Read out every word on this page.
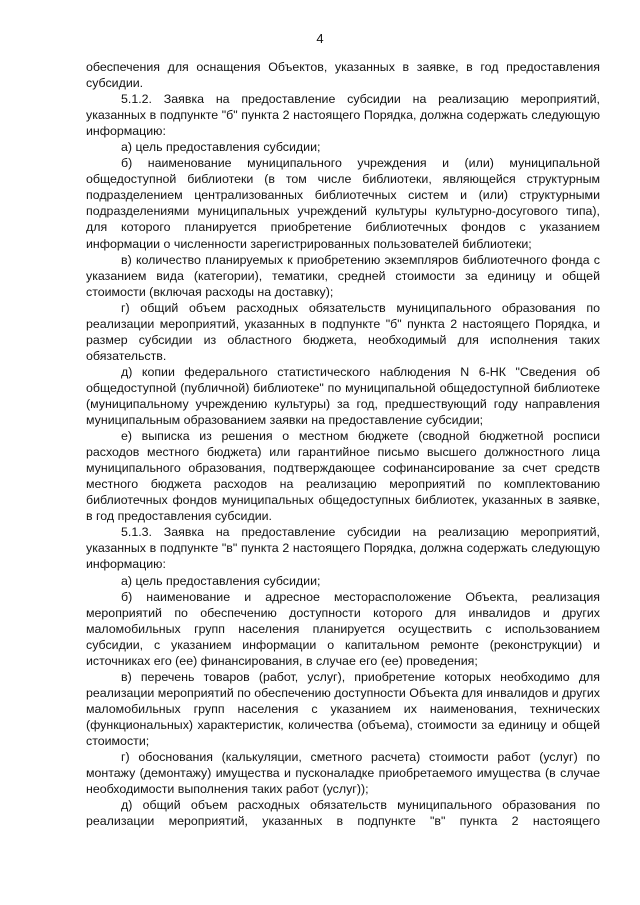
4

обеспечения для оснащения Объектов, указанных в заявке, в год предоставления субсидии.

5.1.2. Заявка на предоставление субсидии на реализацию мероприятий, указанных в подпункте "б" пункта 2 настоящего Порядка, должна содержать следующую информацию:

а) цель предоставления субсидии;

б) наименование муниципального учреждения и (или) муниципальной общедоступной библиотеки (в том числе библиотеки, являющейся структурным подразделением централизованных библиотечных систем и (или) структурными подразделениями муниципальных учреждений культуры культурно-досугового типа), для которого планируется приобретение библиотечных фондов с указанием информации о численности зарегистрированных пользователей библиотеки;

в) количество планируемых к приобретению экземпляров библиотечного фонда с указанием вида (категории), тематики, средней стоимости за единицу и общей стоимости (включая расходы на доставку);

г) общий объем расходных обязательств муниципального образования по реализации мероприятий, указанных в подпункте "б" пункта 2 настоящего Порядка, и размер субсидии из областного бюджета, необходимый для исполнения таких обязательств.

д) копии федерального статистического наблюдения N 6-НК "Сведения об общедоступной (публичной) библиотеке" по муниципальной общедоступной библиотеке (муниципальному учреждению культуры) за год, предшествующий году направления муниципальным образованием заявки на предоставление субсидии;

е) выписка из решения о местном бюджете (сводной бюджетной росписи расходов местного бюджета) или гарантийное письмо высшего должностного лица муниципального образования, подтверждающее софинансирование за счет средств местного бюджета расходов на реализацию мероприятий по комплектованию библиотечных фондов муниципальных общедоступных библиотек, указанных в заявке, в год предоставления субсидии.

5.1.3. Заявка на предоставление субсидии на реализацию мероприятий, указанных в подпункте "в" пункта 2 настоящего Порядка, должна содержать следующую информацию:

а) цель предоставления субсидии;

б) наименование и адресное месторасположение Объекта, реализация мероприятий по обеспечению доступности которого для инвалидов и других маломобильных групп населения планируется осуществить с использованием субсидии, с указанием информации о капитальном ремонте (реконструкции) и источниках его (ее) финансирования, в случае его (ее) проведения;

в) перечень товаров (работ, услуг), приобретение которых необходимо для реализации мероприятий по обеспечению доступности Объекта для инвалидов и других маломобильных групп населения с указанием их наименования, технических (функциональных) характеристик, количества (объема), стоимости за единицу и общей стоимости;

г) обоснования (калькуляции, сметного расчета) стоимости работ (услуг) по монтажу (демонтажу) имущества и пусконаладке приобретаемого имущества (в случае необходимости выполнения таких работ (услуг));

д) общий объем расходных обязательств муниципального образования по реализации мероприятий, указанных в подпункте "в" пункта 2 настоящего
